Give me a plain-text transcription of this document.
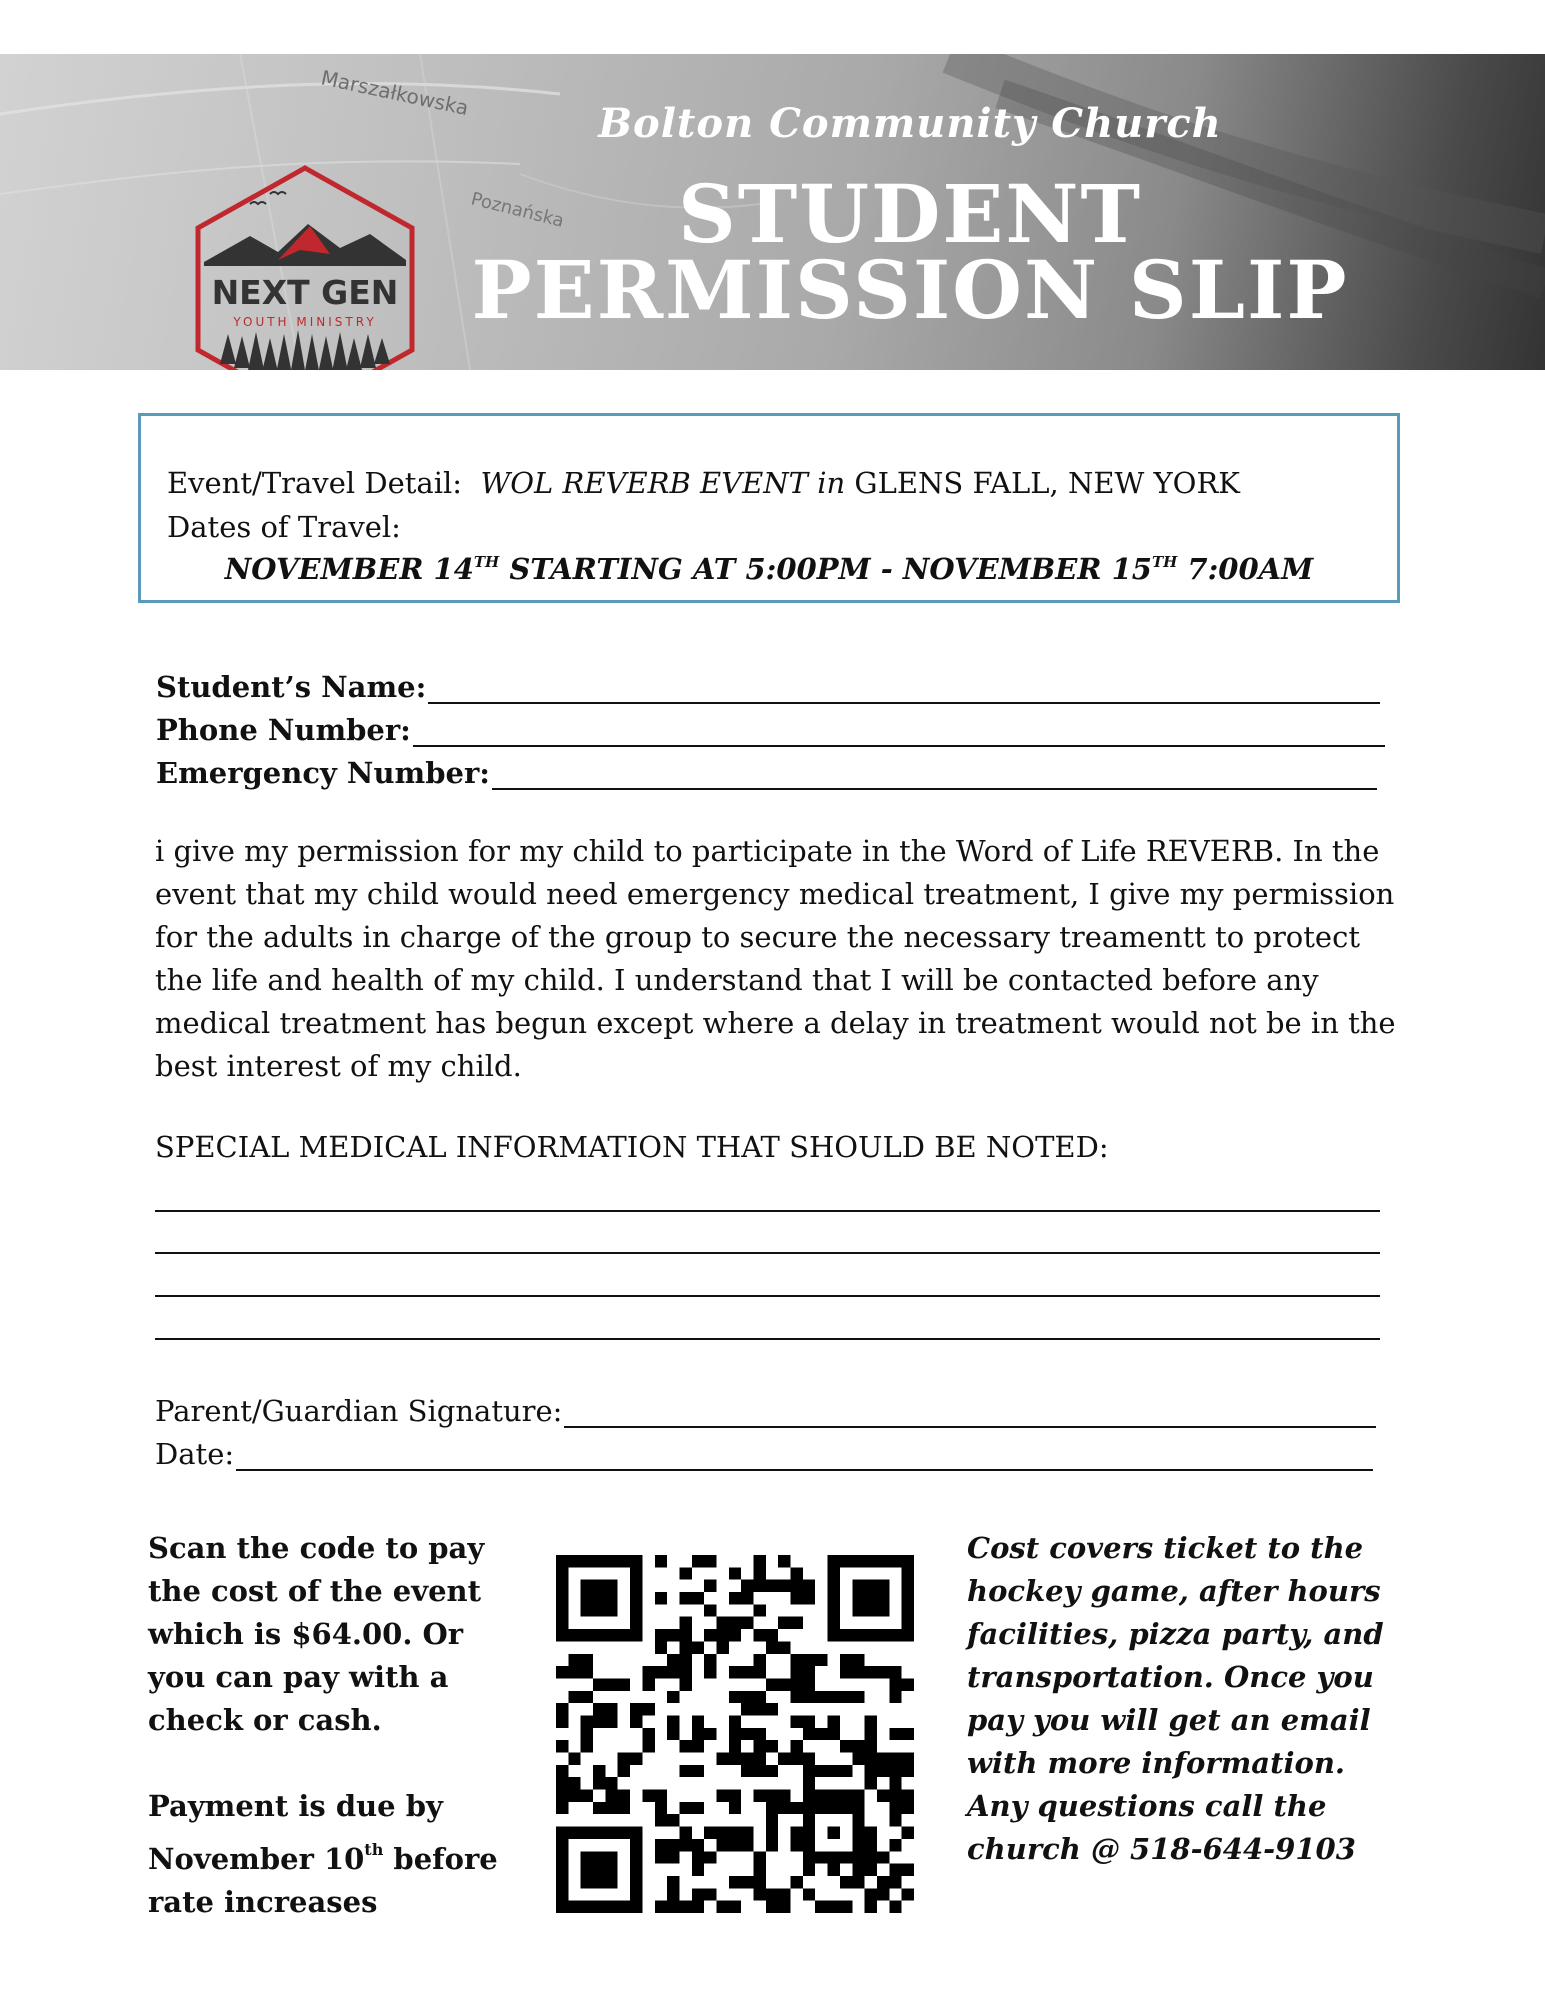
Marszałkowska
Poznańska
NEXT GEN
YOUTH MINISTRY
Bolton Community Church
STUDENT
PERMISSION SLIP
Event/Travel Detail: WOL REVERB EVENT in GLENS FALL, NEW YORK
Dates of Travel:
NOVEMBER 14TH STARTING AT 5:00PM - NOVEMBER 15TH 7:00AM
Student’s Name:
Phone Number:
Emergency Number:
i give my permission for my child to participate in the Word of Life REVERB. In the event that my child would need emergency medical treatment, I give my permission for the adults in charge of the group to secure the necessary treamentt to protect the life and health of my child. I understand that I will be contacted before any medical treatment has begun except where a delay in treatment would not be in the best interest of my child.
SPECIAL MEDICAL INFORMATION THAT SHOULD BE NOTED:
Parent/Guardian Signature:
Date:

Scan the code to pay the cost of the event which is $64.00. Or you can pay with a check or cash.

Payment is due by November 10th before rate increases

Cost covers ticket to the hockey game, after hours facilities, pizza party, and transportation. Once you pay you will get an email with more information. Any questions call the church @ 518-644-9103
